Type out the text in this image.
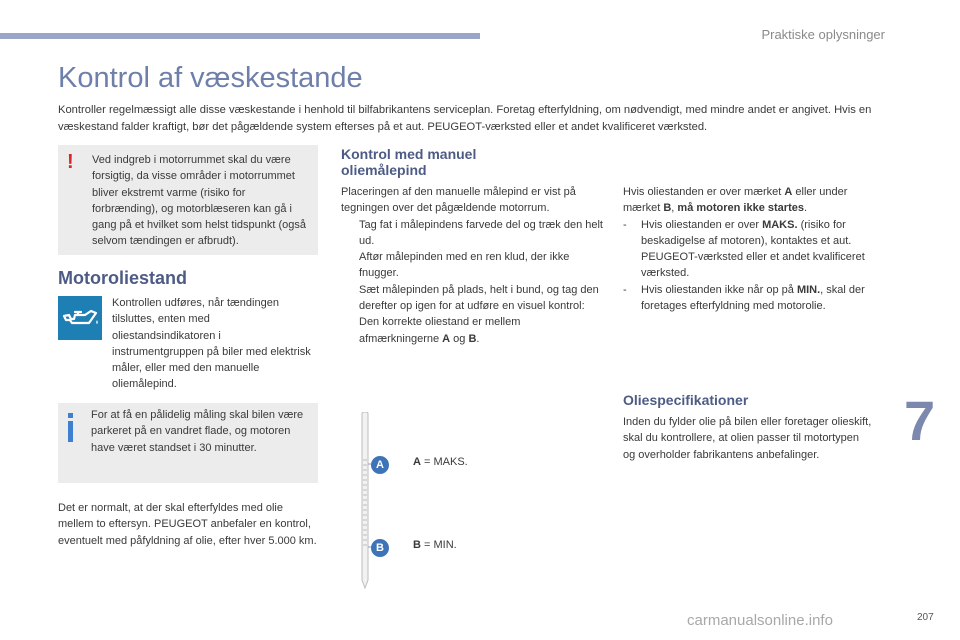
Praktiske oplysninger
Kontrol af væskestande

Kontroller regelmæssigt alle disse væskestande i henhold til bilfabrikantens serviceplan. Foretag efterfyldning, om nødvendigt, med mindre andet er angivet. Hvis en væskestand falder kraftigt, bør det pågældende system efterses på et aut. PEUGEOT-værksted eller et andet kvalificeret værksted.

! Ved indgreb i motorrummet skal du være forsigtig, da visse områder i motorrummet bliver ekstremt varme (risiko for forbrænding), og motorblæseren kan gå i gang på et hvilket som helst tidspunkt (også selvom tændingen er afbrudt).

Motoroliestand

Kontrollen udføres, når tændingen tilsluttes, enten med oliestandsindikatoren i instrumentgruppen på biler med elektrisk måler, eller med den manuelle oliemålepind.

For at få en pålidelig måling skal bilen være parkeret på en vandret flade, og motoren have været standset i 30 minutter.

Det er normalt, at der skal efterfyldes med olie mellem to eftersyn. PEUGEOT anbefaler en kontrol, eventuelt med påfyldning af olie, efter hver 5.000 km.

Kontrol med manuel
oliemålepind
Placeringen af den manuelle målepind er vist på tegningen over det pågældende motorrum.
Tag fat i målepindens farvede del og træk den helt ud.
Aftør målepinden med en ren klud, der ikke fnugger.
Sæt målepinden på plads, helt i bund, og tag den derefter op igen for at udføre en visuel kontrol: Den korrekte oliestand er mellem afmærkningerne A og B.
A
B
A = MAKS.
B = MIN.
Hvis oliestanden er over mærket A eller under mærket B, må motoren ikke startes.
- Hvis oliestanden er over MAKS. (risiko for beskadigelse af motoren), kontaktes et aut. PEUGEOT-værksted eller et andet kvalificeret værksted.
- Hvis oliestanden ikke når op på MIN., skal der foretages efterfyldning med motorolie.
Oliespecifikationer

Inden du fylder olie på bilen eller foretager olieskift, skal du kontrollere, at olien passer til motortypen og overholder fabrikantens anbefalinger.

7
carmanualsonline.info	207
